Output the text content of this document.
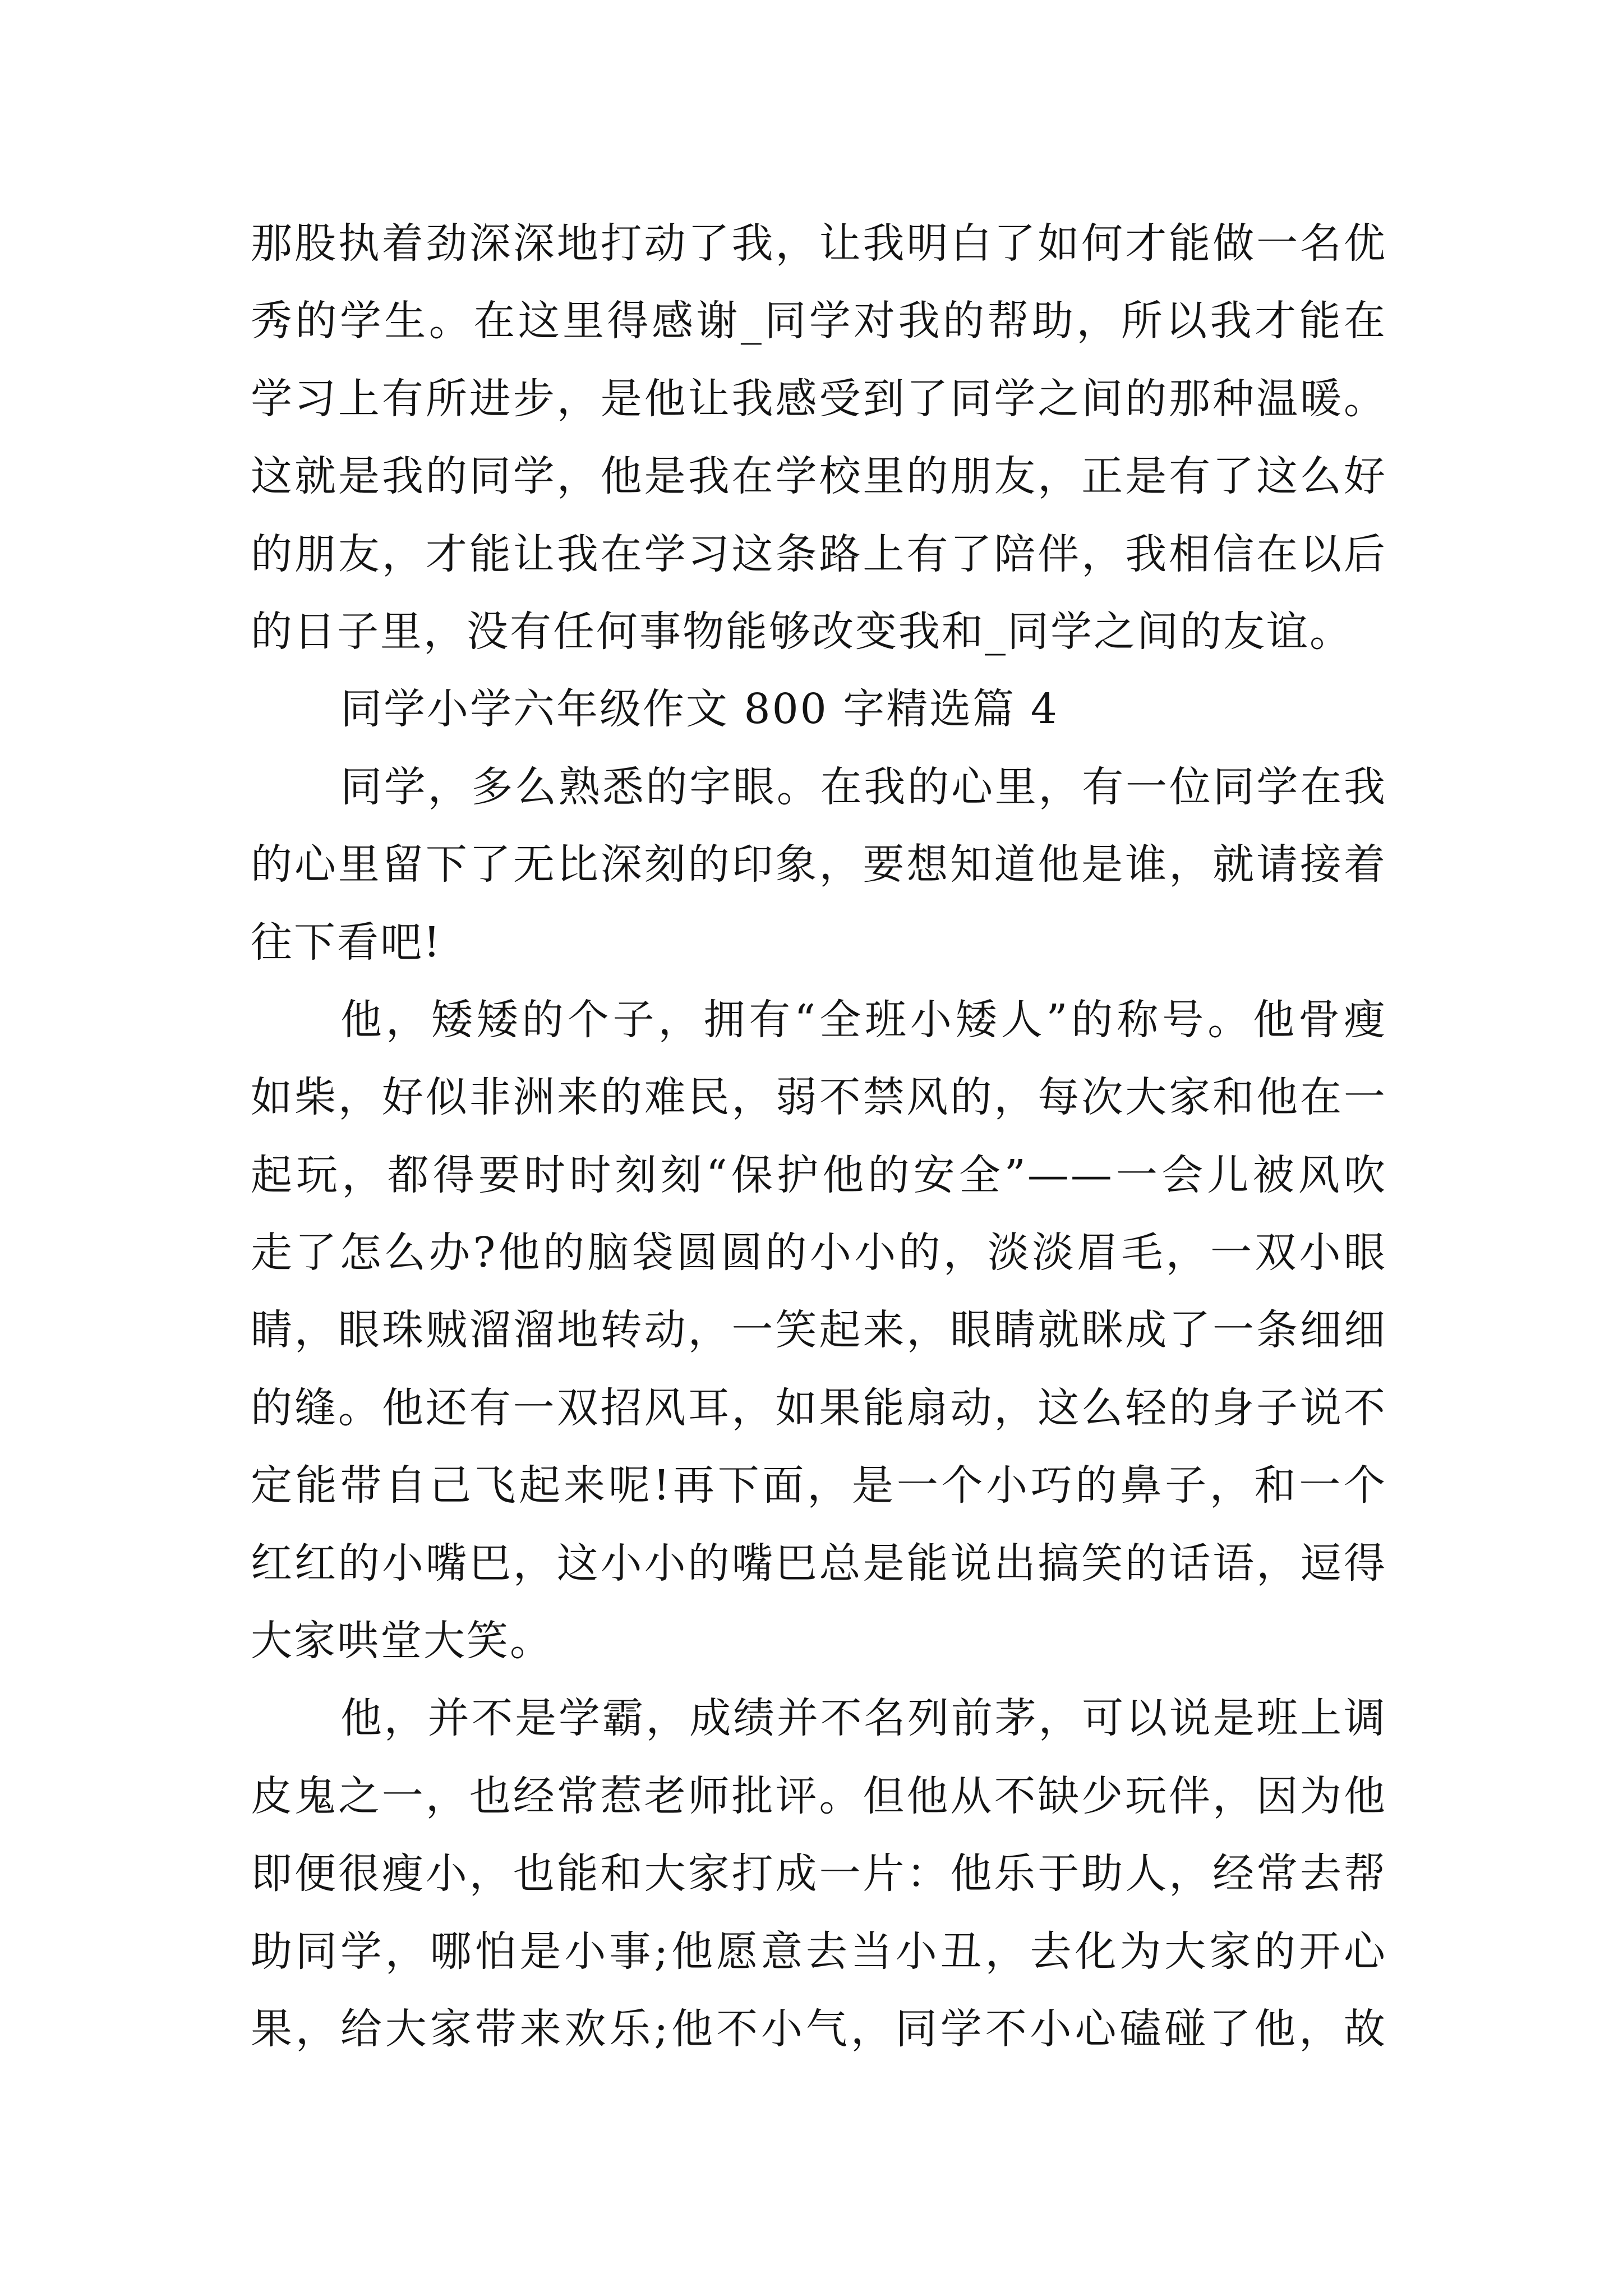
那股执着劲深深地打动了我，让我明白了如何才能做一名优
秀的学生。在这里得感谢_同学对我的帮助，所以我才能在
学习上有所进步，是他让我感受到了同学之间的那种温暖。
这就是我的同学，他是我在学校里的朋友，正是有了这么好
的朋友，才能让我在学习这条路上有了陪伴，我相信在以后
的日子里，没有任何事物能够改变我和_同学之间的友谊。
同学小学六年级作文 800 字精选篇 4
同学，多么熟悉的字眼。在我的心里，有一位同学在我
的心里留下了无比深刻的印象，要想知道他是谁，就请接着
往下看吧!
他，矮矮的个子，拥有“全班小矮人”的称号。他骨瘦
如柴，好似非洲来的难民，弱不禁风的，每次大家和他在一
起玩，都得要时时刻刻“保护他的安全”——一会儿被风吹
走了怎么办?他的脑袋圆圆的小小的，淡淡眉毛，一双小眼
睛，眼珠贼溜溜地转动，一笑起来，眼睛就眯成了一条细细
的缝。他还有一双招风耳，如果能扇动，这么轻的身子说不
定能带自己飞起来呢!再下面，是一个小巧的鼻子，和一个
红红的小嘴巴，这小小的嘴巴总是能说出搞笑的话语，逗得
大家哄堂大笑。
他，并不是学霸，成绩并不名列前茅，可以说是班上调
皮鬼之一，也经常惹老师批评。但他从不缺少玩伴，因为他
即便很瘦小，也能和大家打成一片：他乐于助人，经常去帮
助同学，哪怕是小事;他愿意去当小丑，去化为大家的开心
果，给大家带来欢乐;他不小气，同学不小心磕碰了他，故
